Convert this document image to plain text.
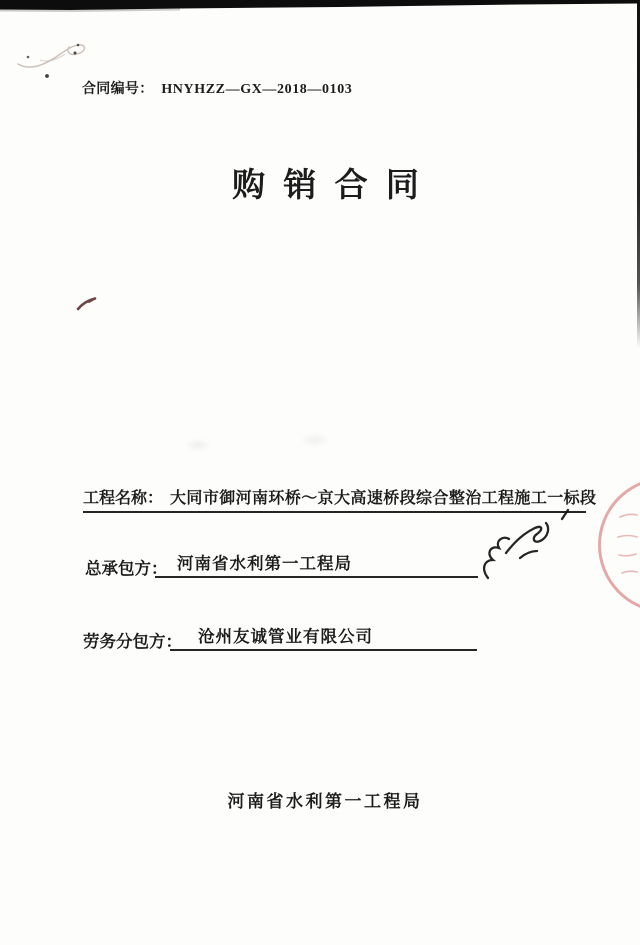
合同编号： HNYHZZ—GX—2018—0103
购 销 合 同
工程名称： 大同市御河南环桥～京大高速桥段综合整治工程施工一标段
总承包方： 河南省水利第一工程局
劳务分包方： 沧州友诚管业有限公司
河南省水利第一工程局
